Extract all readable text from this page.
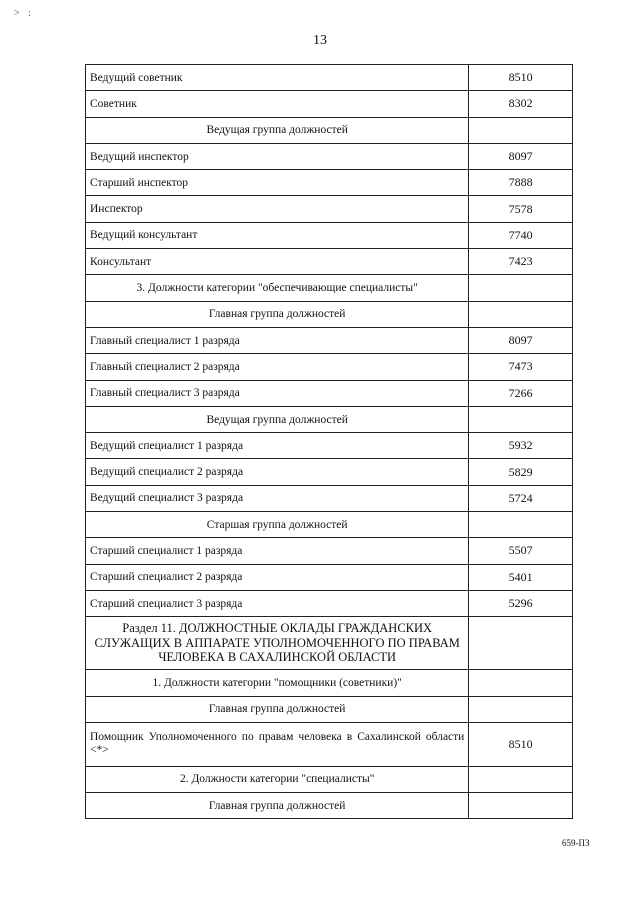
> :
13
Ведущий советник	8510
Советник	8302
Ведущая группа должностей	
Ведущий инспектор	8097
Старший инспектор	7888
Инспектор	7578
Ведущий консультант	7740
Консультант	7423
3. Должности категории "обеспечивающие специалисты"	
Главная группа должностей	
Главный специалист 1 разряда	8097
Главный специалист 2 разряда	7473
Главный специалист 3 разряда	7266
Ведущая группа должностей	
Ведущий специалист 1 разряда	5932
Ведущий специалист 2 разряда	5829
Ведущий специалист 3 разряда	5724
Старшая группа должностей	
Старший специалист 1 разряда	5507
Старший специалист 2 разряда	5401
Старший специалист 3 разряда	5296
Раздел 11. ДОЛЖНОСТНЫЕ ОКЛАДЫ ГРАЖДАНСКИХ СЛУЖАЩИХ В АППАРАТЕ УПОЛНОМОЧЕННОГО ПО ПРАВАМ ЧЕЛОВЕКА В САХАЛИНСКОЙ ОБЛАСТИ	
1. Должности категории "помощники (советники)"	
Главная группа должностей	
Помощник Уполномоченного по правам человека в Сахалинской области <*>	8510
2. Должности категории "специалисты"	
Главная группа должностей	
659-ПЗ
